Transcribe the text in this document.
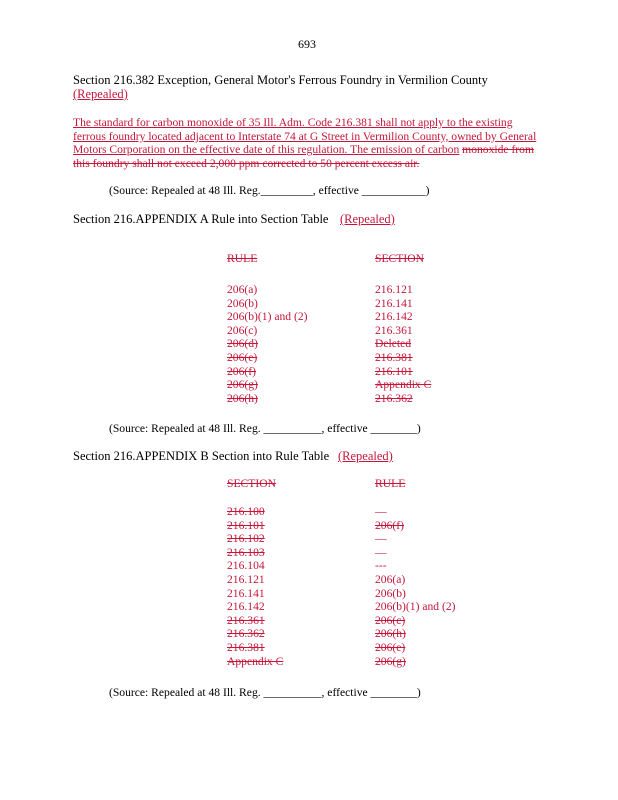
693
Section 216.382 Exception, General Motor's Ferrous Foundry in Vermilion County
(Repealed)
The standard for carbon monoxide of 35 Ill. Adm. Code 216.381 shall not apply to the existing ferrous foundry located adjacent to Interstate 74 at G Street in Vermilion County, owned by General Motors Corporation on the effective date of this regulation. The emission of carbon monoxide from this foundry shall not exceed 2,000 ppm corrected to 50 percent excess air.
(Source: Repealed at 48 Ill. Reg._________, effective ___________)
Section 216.APPENDIX A Rule into Section Table (Repealed)
RULE	SECTION
206(a)
206(b)
206(b)(1) and (2)
206(c)
206(d)
206(e)
206(f)
206(g)
206(h)
216.121
216.141
216.142
216.361
Deleted
216.381
216.101
Appendix C
216.362
(Source: Repealed at 48 Ill. Reg. __________, effective ________)
Section 216.APPENDIX B Section into Rule Table (Repealed)
SECTION	RULE
216.100
216.101
216.102
216.103
216.104
216.121
216.141
216.142
216.361
216.362
216.381
Appendix C
—
206(f)
—
—
---
206(a)
206(b)
206(b)(1) and (2)
206(c)
206(h)
206(e)
206(g)
(Source: Repealed at 48 Ill. Reg. __________, effective ________)
